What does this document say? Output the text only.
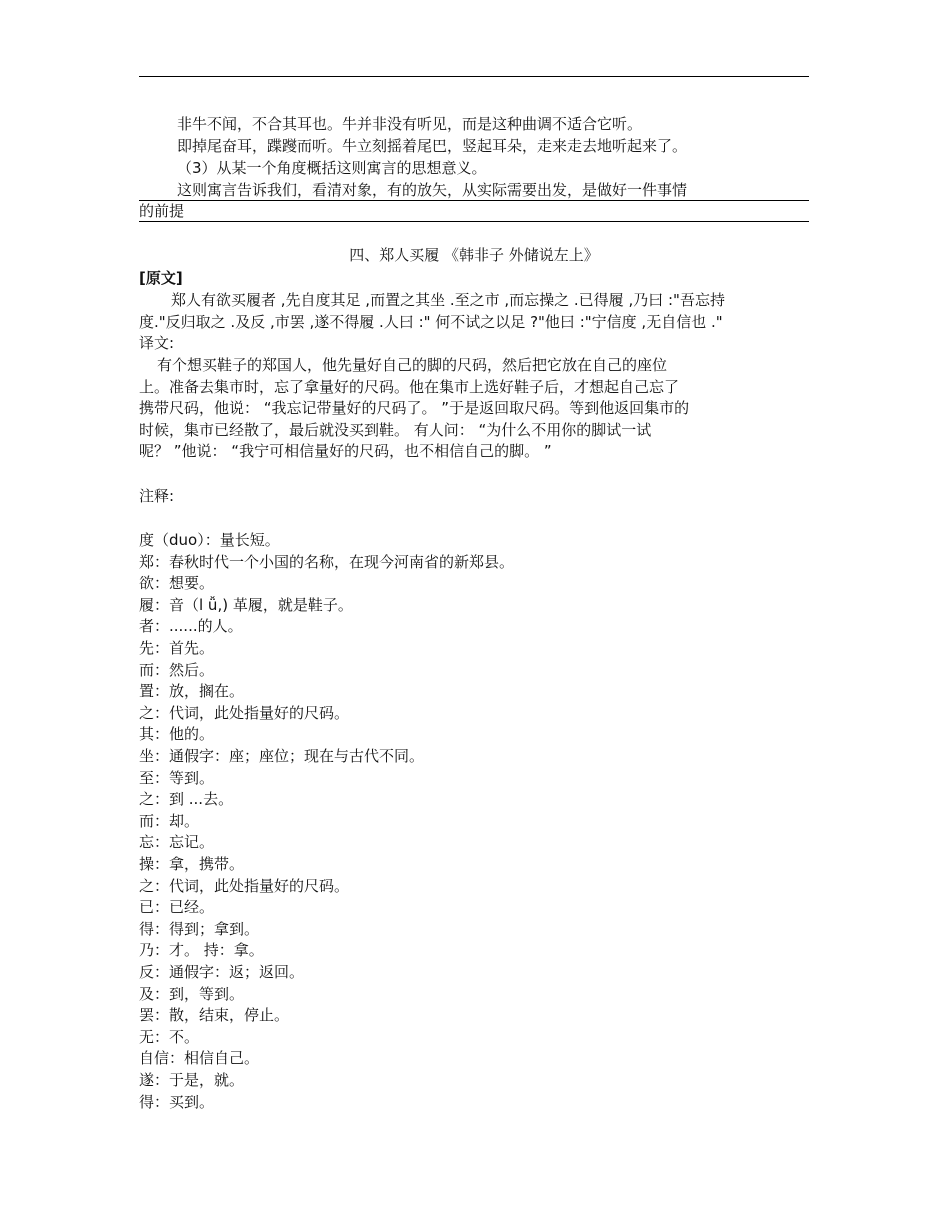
非牛不闻，不合其耳也。牛并非没有听见，而是这种曲调不适合它听。
即掉尾奋耳，蹀躞而听。牛立刻摇着尾巴，竖起耳朵，走来走去地听起来了。
（3）从某一个角度概括这则寓言的思想意义。
这则寓言告诉我们，看清对象，有的放矢，从实际需要出发，是做好一件事情
的前提
四、郑人买履 《韩非子 外储说左上》
[原文]
郑人有欲买履者 ,先自度其足 ,而置之其坐 .至之市 ,而忘操之 .已得履 ,乃曰 :"吾忘持
度."反归取之 .及反 ,市罢 ,遂不得履 .人曰 :" 何不试之以足 ?"他曰 :"宁信度 ,无自信也 ."
译文:
有个想买鞋子的郑国人，他先量好自己的脚的尺码，然后把它放在自己的座位
上。准备去集市时，忘了拿量好的尺码。他在集市上选好鞋子后，才想起自己忘了
携带尺码，他说： “我忘记带量好的尺码了。 ”于是返回取尺码。等到他返回集市的
时候，集市已经散了，最后就没买到鞋。 有人问： “为什么不用你的脚试一试
呢？ ”他说： “我宁可相信量好的尺码，也不相信自己的脚。 ”
注释:
度（duo）：量长短。
郑：春秋时代一个小国的名称，在现今河南省的新郑县。
欲：想要。
履：音（l ǚ,) 革履，就是鞋子。
者：......的人。
先：首先。
而：然后。
置：放，搁在。
之：代词，此处指量好的尺码。
其：他的。
坐：通假字：座；座位；现在与古代不同。
至：等到。
之：到 ...去。
而：却。
忘：忘记。
操：拿，携带。
之：代词，此处指量好的尺码。
已：已经。
得：得到；拿到。
乃：才。 持：拿。
反：通假字：返；返回。
及：到，等到。
罢：散，结束，停止。
无：不。
自信：相信自己。
遂：于是，就。
得：买到。
